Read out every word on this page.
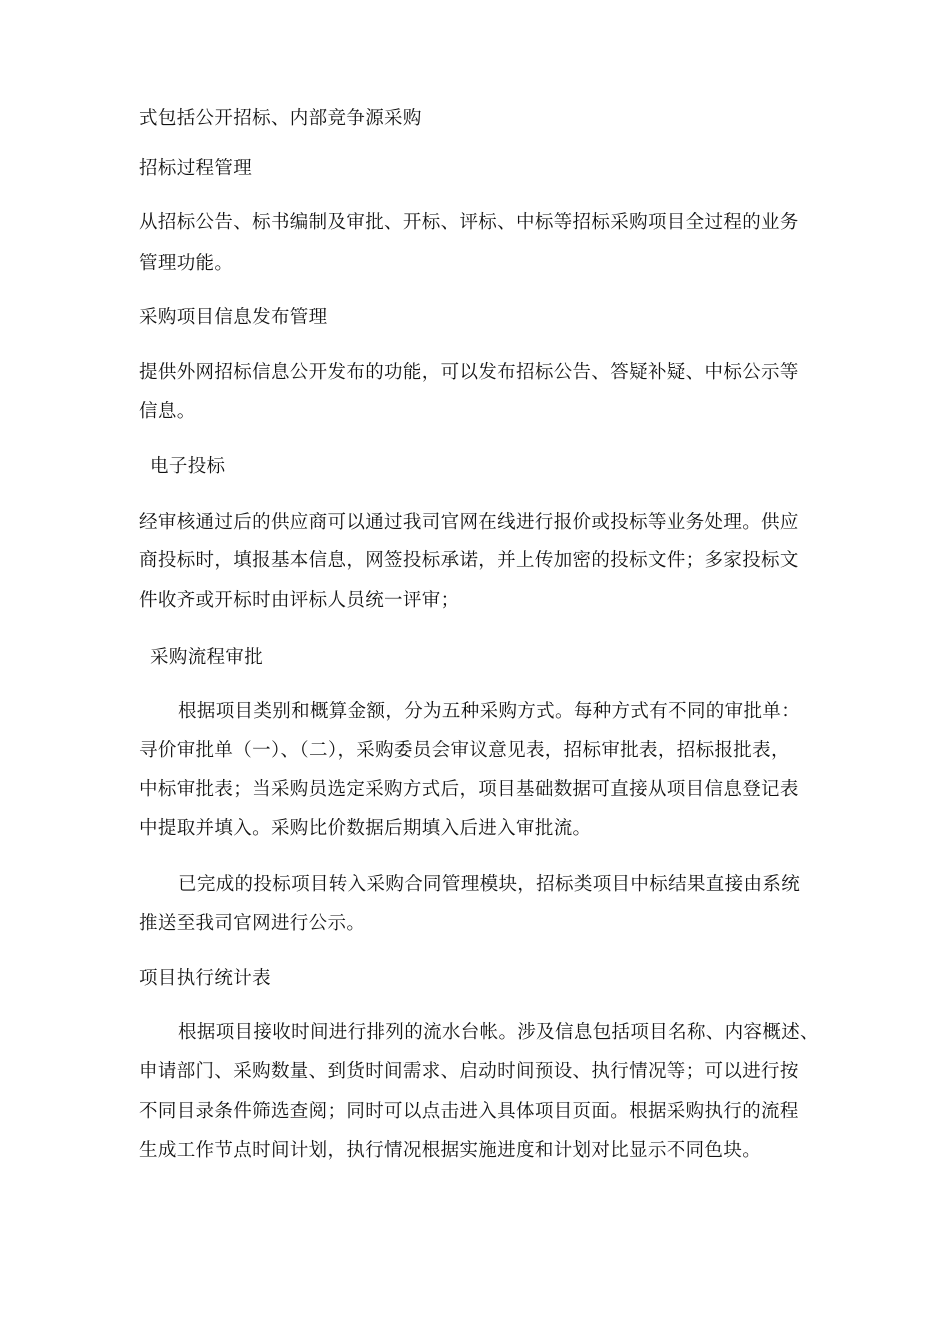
式包括公开招标、内部竞争源采购
招标过程管理
从招标公告、标书编制及审批、开标、评标、中标等招标采购项目全过程的业务
管理功能。
采购项目信息发布管理
提供外网招标信息公开发布的功能，可以发布招标公告、答疑补疑、中标公示等
信息。
电子投标
经审核通过后的供应商可以通过我司官网在线进行报价或投标等业务处理。供应
商投标时，填报基本信息，网签投标承诺，并上传加密的投标文件；多家投标文
件收齐或开标时由评标人员统一评审；
采购流程审批
根据项目类别和概算金额，分为五种采购方式。每种方式有不同的审批单：
寻价审批单（一）、（二），采购委员会审议意见表，招标审批表，招标报批表，
中标审批表；当采购员选定采购方式后，项目基础数据可直接从项目信息登记表
中提取并填入。采购比价数据后期填入后进入审批流。
已完成的投标项目转入采购合同管理模块，招标类项目中标结果直接由系统
推送至我司官网进行公示。
项目执行统计表
根据项目接收时间进行排列的流水台帐。涉及信息包括项目名称、内容概述、
申请部门、采购数量、到货时间需求、启动时间预设、执行情况等；可以进行按
不同目录条件筛选查阅；同时可以点击进入具体项目页面。根据采购执行的流程
生成工作节点时间计划，执行情况根据实施进度和计划对比显示不同色块。
